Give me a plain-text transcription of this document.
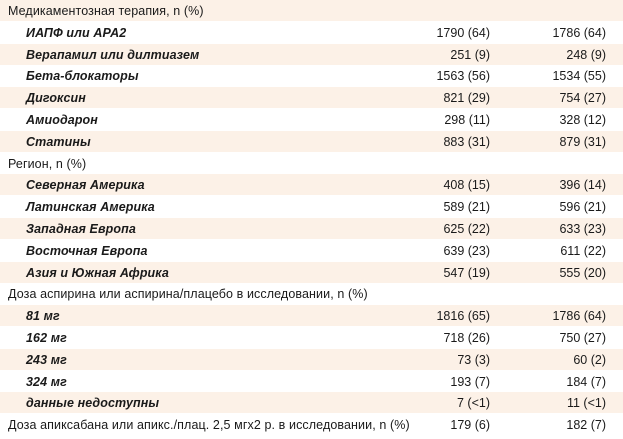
Медикаментозная терапия, n (%)
ИАПФ или АРА2	1790 (64)	1786 (64)
Верапамил или дилтиазем	251 (9)	248 (9)
Бета-блокаторы	1563 (56)	1534 (55)
Дигоксин	821 (29)	754 (27)
Амиодарон	298 (11)	328 (12)
Статины	883 (31)	879 (31)
Регион, n (%)
Северная Америка	408 (15)	396 (14)
Латинская Америка	589 (21)	596 (21)
Западная Европа	625 (22)	633 (23)
Восточная Европа	639 (23)	611 (22)
Азия и Южная Африка	547 (19)	555 (20)
Доза аспирина или аспирина/плацебо в исследовании, n (%)
81 мг	1816 (65)	1786 (64)
162 мг	718 (26)	750 (27)
243 мг	73 (3)	60 (2)
324 мг	193 (7)	184 (7)
данные недоступны	7 (<1)	11 (<1)
Доза апиксабана или апикс./плац. 2,5 мгх2 р. в исследовании, n (%)	179 (6)	182 (7)
